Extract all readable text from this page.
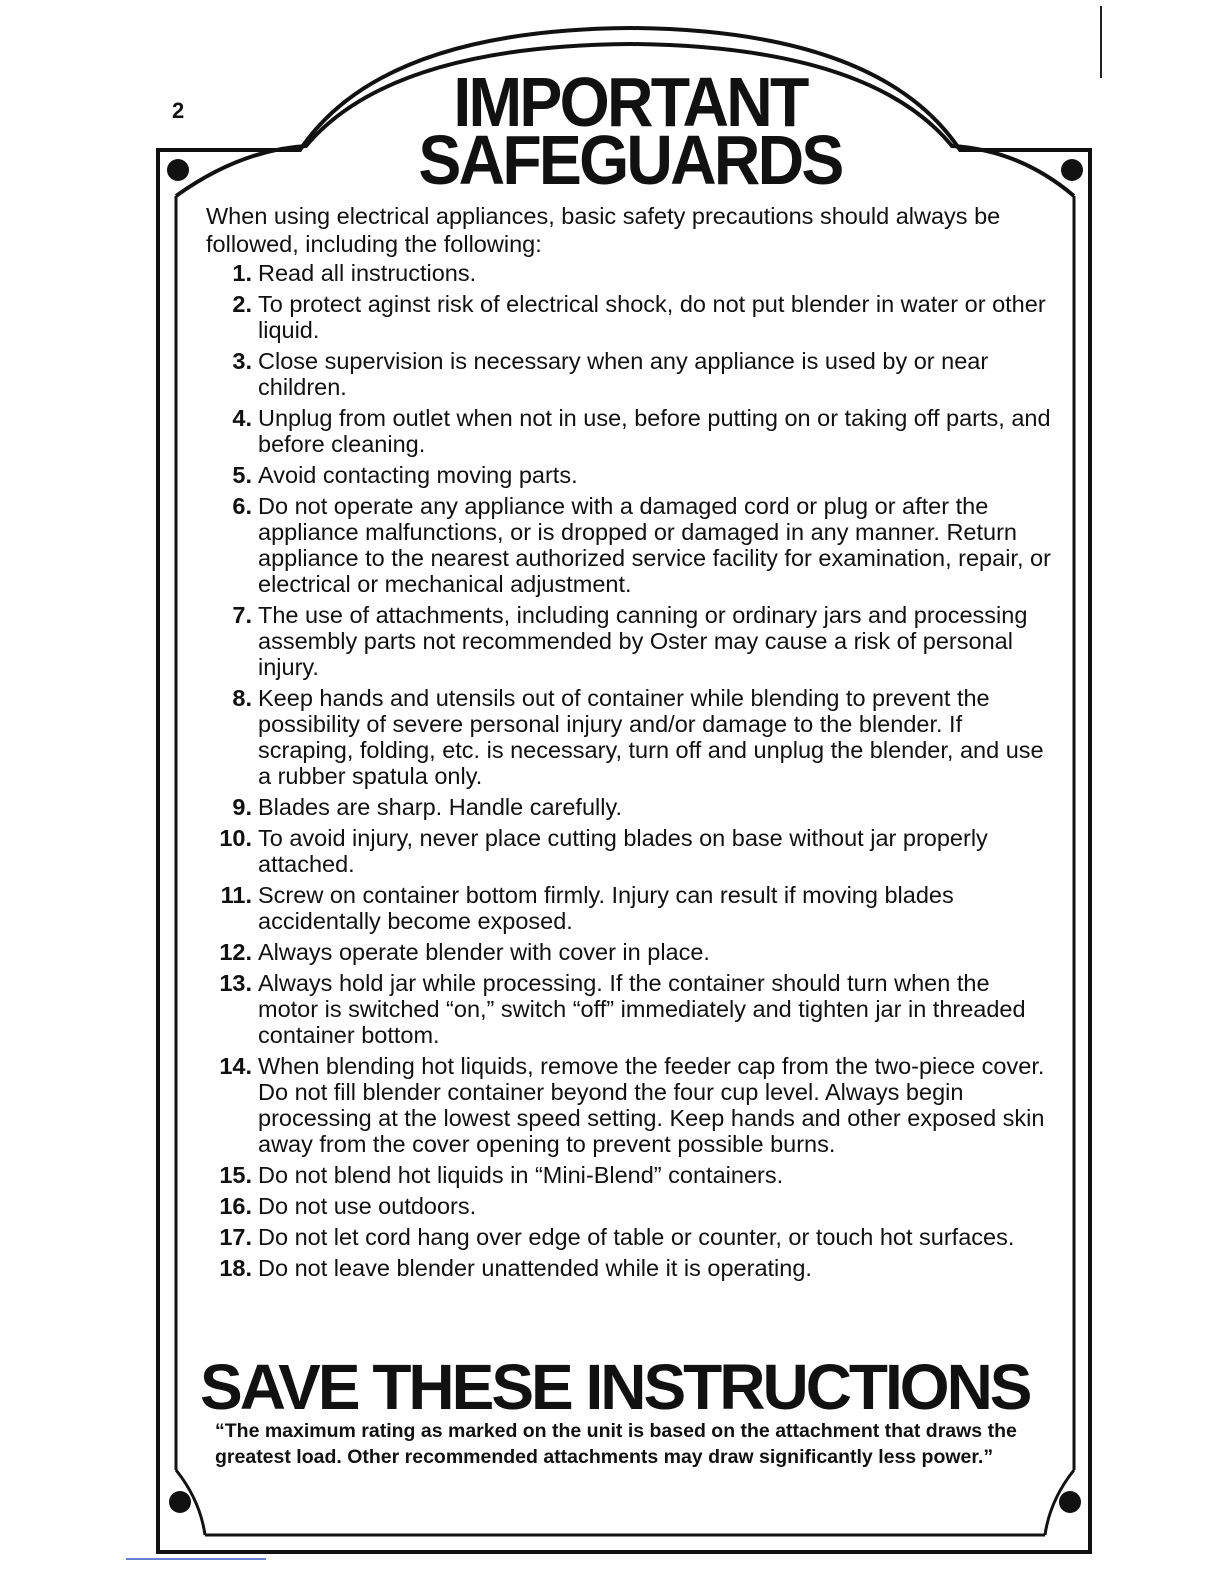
2	IMPORTANT
SAFEGUARDS
When using electrical appliances, basic safety precautions should always be followed, including the following:
1. Read all instructions.
2. To protect aginst risk of electrical shock, do not put blender in water or other liquid.
3. Close supervision is necessary when any appliance is used by or near children.
4. Unplug from outlet when not in use, before putting on or taking off parts, and before cleaning.
5. Avoid contacting moving parts.
6. Do not operate any appliance with a damaged cord or plug or after the appliance malfunctions, or is dropped or damaged in any manner. Return appliance to the nearest authorized service facility for examination, repair, or electrical or mechanical adjustment.
7. The use of attachments, including canning or ordinary jars and processing assembly parts not recommended by Oster may cause a risk of personal injury.
8. Keep hands and utensils out of container while blending to prevent the possibility of severe personal injury and/or damage to the blender. If scraping, folding, etc. is necessary, turn off and unplug the blender, and use a rubber spatula only.
9. Blades are sharp. Handle carefully.
10. To avoid injury, never place cutting blades on base without jar properly attached.
11. Screw on container bottom firmly. Injury can result if moving blades accidentally become exposed.
12. Always operate blender with cover in place.
13. Always hold jar while processing. If the container should turn when the motor is switched “on,” switch “off” immediately and tighten jar in threaded container bottom.
14. When blending hot liquids, remove the feeder cap from the two-piece cover. Do not fill blender container beyond the four cup level. Always begin processing at the lowest speed setting. Keep hands and other exposed skin away from the cover opening to prevent possible burns.
15. Do not blend hot liquids in “Mini-Blend” containers.
16. Do not use outdoors.
17. Do not let cord hang over edge of table or counter, or touch hot surfaces.
18. Do not leave blender unattended while it is operating.
SAVE THESE INSTRUCTIONS
“The maximum rating as marked on the unit is based on the attachment that draws the greatest load. Other recommended attachments may draw significantly less power.”
